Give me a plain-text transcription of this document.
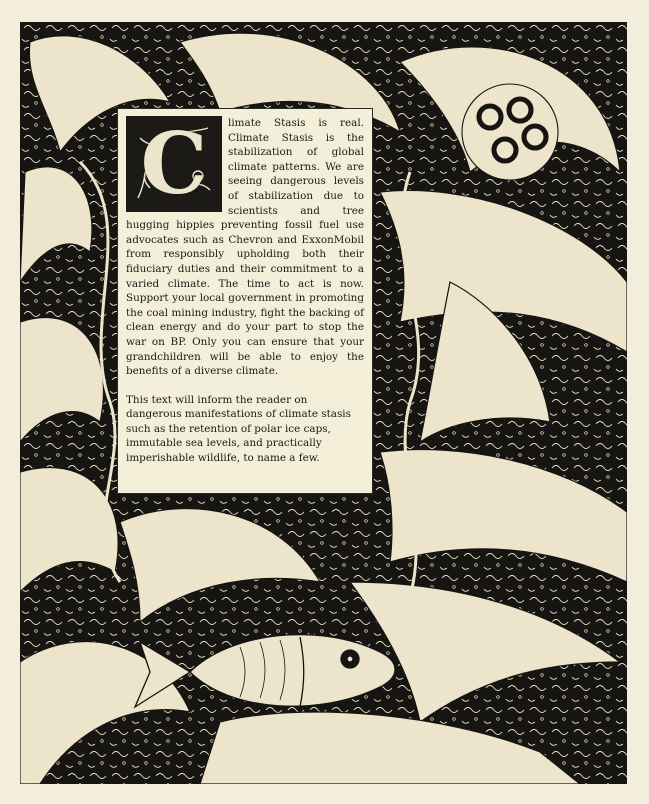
C	limate Stasis is real. Climate Stasis is the stabilization of global climate patterns. We are seeing dangerous levels of stabilization due to scientists and tree hugging hippies preventing fossil fuel use advocates such as Chevron and ExxonMobil from responsibly upholding both their fiduciary duties and their commitment to a varied climate. The time to act is now. Support your local government in promoting the coal mining industry, fight the backing of clean energy and do your part to stop the war on BP. Only you can ensure that your grandchildren will be able to enjoy the benefits of a diverse climate.

This text will inform the reader on dangerous manifestations of climate stasis such as the retention of polar ice caps, immutable sea levels, and practically imperishable wildlife, to name a few.
